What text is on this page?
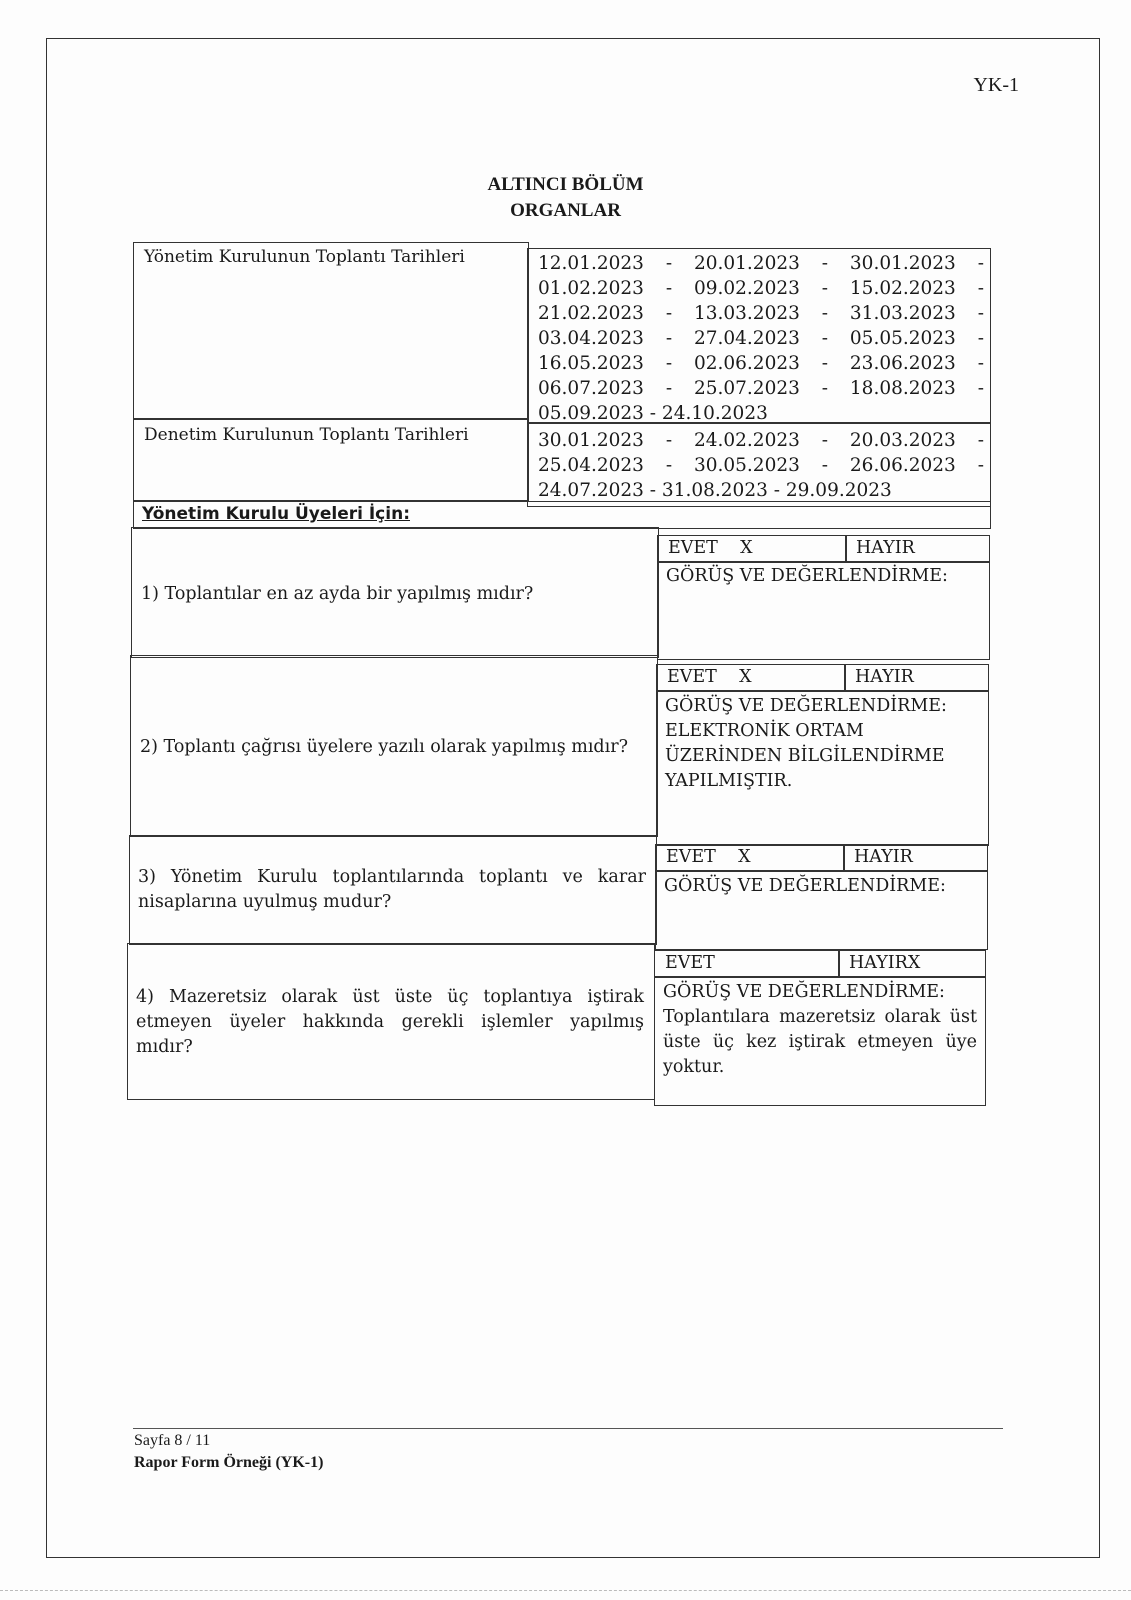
YK-1
ALTINCI BÖLÜM
ORGANLAR
Yönetim Kurulunun Toplantı Tarihleri	12.01.2023 - 20.01.2023 - 30.01.2023 -
01.02.2023 - 09.02.2023 - 15.02.2023 -
21.02.2023 - 13.03.2023 - 31.03.2023 -
03.04.2023 - 27.04.2023 - 05.05.2023 -
16.05.2023 - 02.06.2023 - 23.06.2023 -
06.07.2023 - 25.07.2023 - 18.08.2023 -
05.09.2023 - 24.10.2023
Denetim Kurulunun Toplantı Tarihleri	30.01.2023 - 24.02.2023 - 20.03.2023 -
25.04.2023 - 30.05.2023 - 26.06.2023 -
24.07.2023 - 31.08.2023 - 29.09.2023
Yönetim Kurulu Üyeleri İçin:
1) Toplantılar en az ayda bir yapılmış mıdır?
EVET    X	HAYIR
GÖRÜŞ VE DEĞERLENDİRME:
2) Toplantı çağrısı üyelere yazılı olarak yapılmış mıdır?
EVET    X	HAYIR
GÖRÜŞ VE DEĞERLENDİRME:
ELEKTRONİK ORTAM ÜZERİNDEN BİLGİLENDİRME YAPILMIŞTIR.
3) Yönetim Kurulu toplantılarında toplantı ve karar nisaplarına uyulmuş mudur?
EVET    X	HAYIR
GÖRÜŞ VE DEĞERLENDİRME:
4) Mazeretsiz olarak üst üste üç toplantıya iştirak etmeyen üyeler hakkında gerekli işlemler yapılmış mıdır?
EVET	HAYIRX
GÖRÜŞ VE DEĞERLENDİRME:
Toplantılara mazeretsiz olarak üst üste üç kez iştirak etmeyen üye yoktur.
Sayfa 8 / 11
Rapor Form Örneği (YK-1)
